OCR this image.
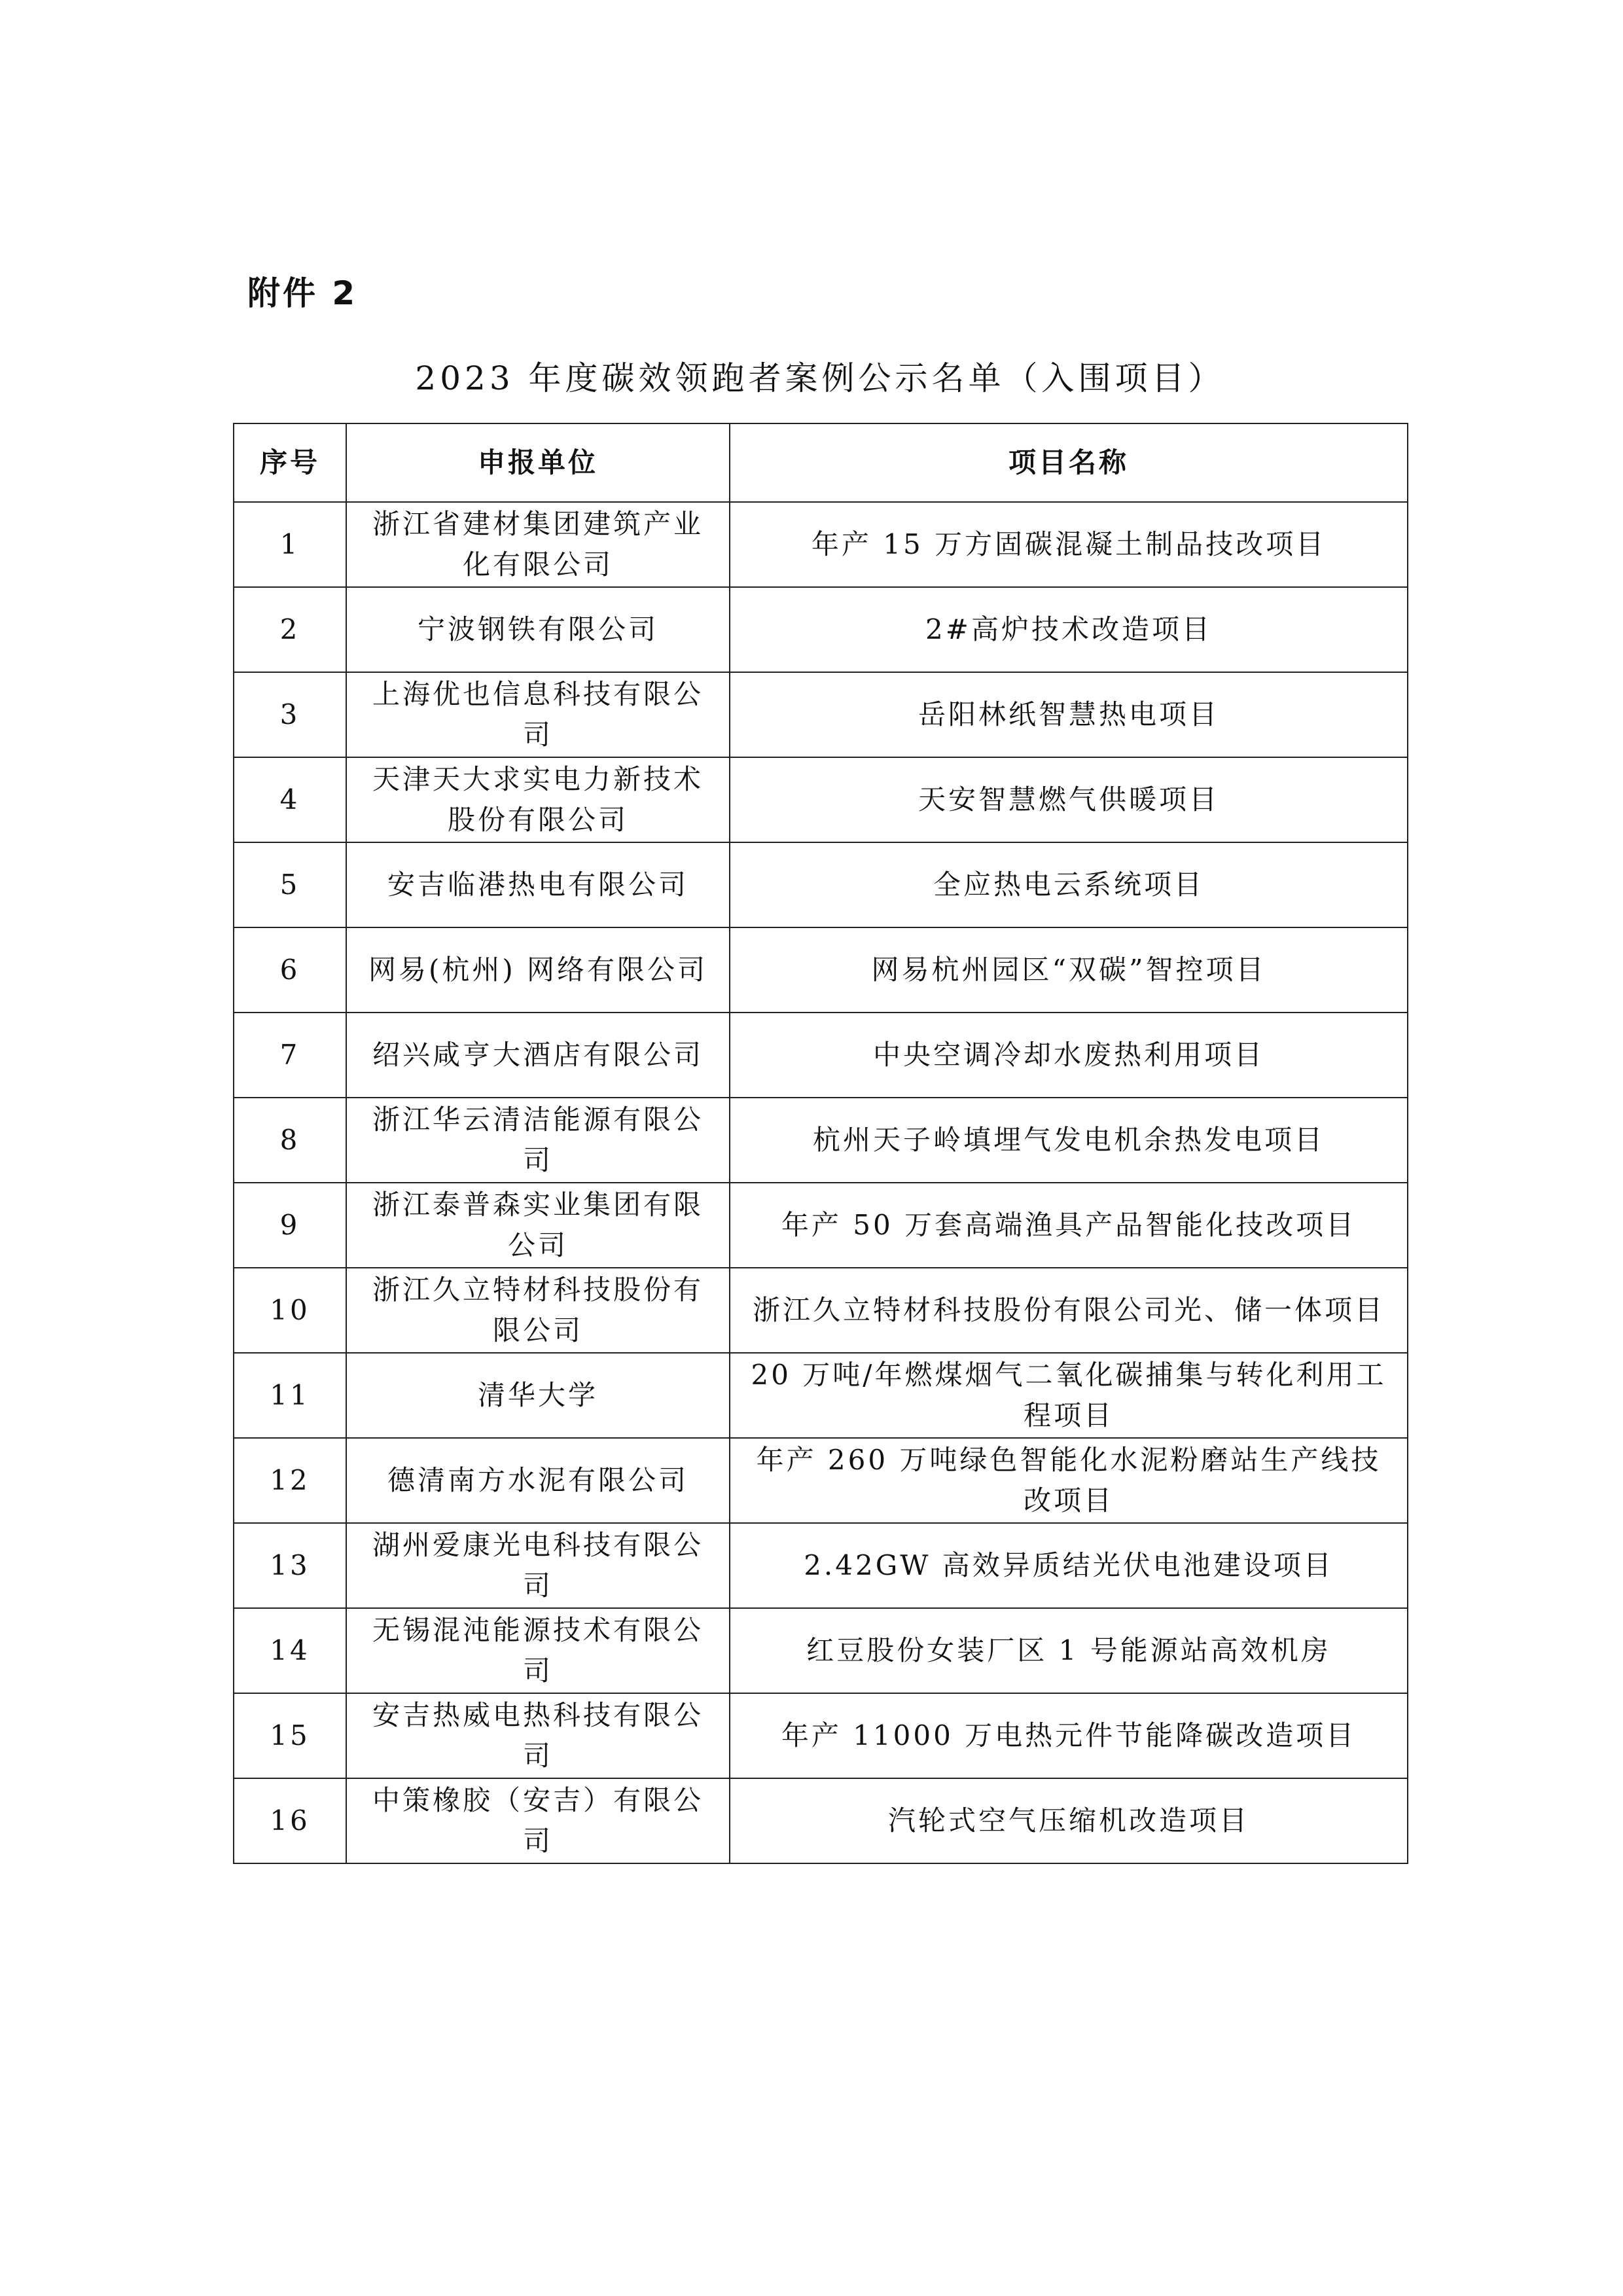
附件 2
2023 年度碳效领跑者案例公示名单（入围项目）
序号	申报单位	项目名称
1	浙江省建材集团建筑产业化有限公司	年产 15 万方固碳混凝土制品技改项目
2	宁波钢铁有限公司	2#高炉技术改造项目
3	上海优也信息科技有限公司	岳阳林纸智慧热电项目
4	天津天大求实电力新技术股份有限公司	天安智慧燃气供暖项目
5	安吉临港热电有限公司	全应热电云系统项目
6	网易(杭州) 网络有限公司	网易杭州园区“双碳”智控项目
7	绍兴咸亨大酒店有限公司	中央空调冷却水废热利用项目
8	浙江华云清洁能源有限公司	杭州天子岭填埋气发电机余热发电项目
9	浙江泰普森实业集团有限公司	年产 50 万套高端渔具产品智能化技改项目
10	浙江久立特材科技股份有限公司	浙江久立特材科技股份有限公司光、储一体项目
11	清华大学	20 万吨/年燃煤烟气二氧化碳捕集与转化利用工程项目
12	德清南方水泥有限公司	年产 260 万吨绿色智能化水泥粉磨站生产线技改项目
13	湖州爱康光电科技有限公司	2.42GW 高效异质结光伏电池建设项目
14	无锡混沌能源技术有限公司	红豆股份女装厂区 1 号能源站高效机房
15	安吉热威电热科技有限公司	年产 11000 万电热元件节能降碳改造项目
16	中策橡胶（安吉）有限公司	汽轮式空气压缩机改造项目
